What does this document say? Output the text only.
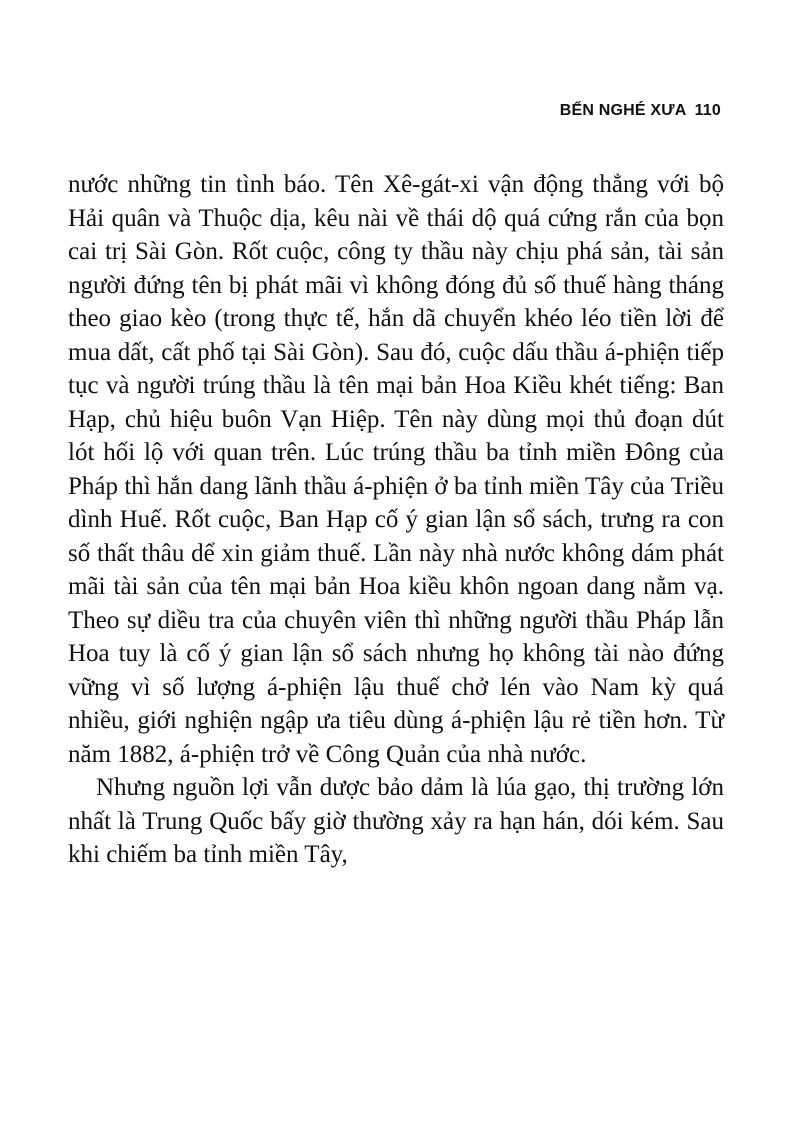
BẾN NGHÉ XƯA 110

nước những tin tình báo. Tên Xê-gát-xi vận động thẳng với bộ Hải quân và Thuộc dịa, kêu nài về thái dộ quá cứng rắn của bọn cai trị Sài Gòn. Rốt cuộc, công ty thầu này chịu phá sản, tài sản người đứng tên bị phát mãi vì không đóng đủ số thuế hàng tháng theo giao kèo (trong thực tế, hắn dã chuyển khéo léo tiền lời để mua dất, cất phố tại Sài Gòn). Sau đó, cuộc dấu thầu á-phiện tiếp tục và người trúng thầu là tên mại bản Hoa Kiều khét tiếng: Ban Hạp, chủ hiệu buôn Vạn Hiệp. Tên này dùng mọi thủ đoạn dút lót hối lộ với quan trên. Lúc trúng thầu ba tỉnh miền Đông của Pháp thì hắn dang lãnh thầu á-phiện ở ba tỉnh miền Tây của Triều dình Huế. Rốt cuộc, Ban Hạp cố ý gian lận sổ sách, trưng ra con số thất thâu dể xin giảm thuế. Lần này nhà nước không dám phát mãi tài sản của tên mại bản Hoa kiều khôn ngoan dang nằm vạ. Theo sự diều tra của chuyên viên thì những người thầu Pháp lẫn Hoa tuy là cố ý gian lận sổ sách nhưng họ không tài nào đứng vững vì số lượng á-phiện lậu thuế chở lén vào Nam kỳ quá nhiều, giới nghiện ngập ưa tiêu dùng á-phiện lậu rẻ tiền hơn. Từ năm 1882, á-phiện trở về Công Quản của nhà nước.

Nhưng nguồn lợi vẫn dược bảo dảm là lúa gạo, thị trường lớn nhất là Trung Quốc bấy giờ thường xảy ra hạn hán, dói kém. Sau khi chiếm ba tỉnh miền Tây,
